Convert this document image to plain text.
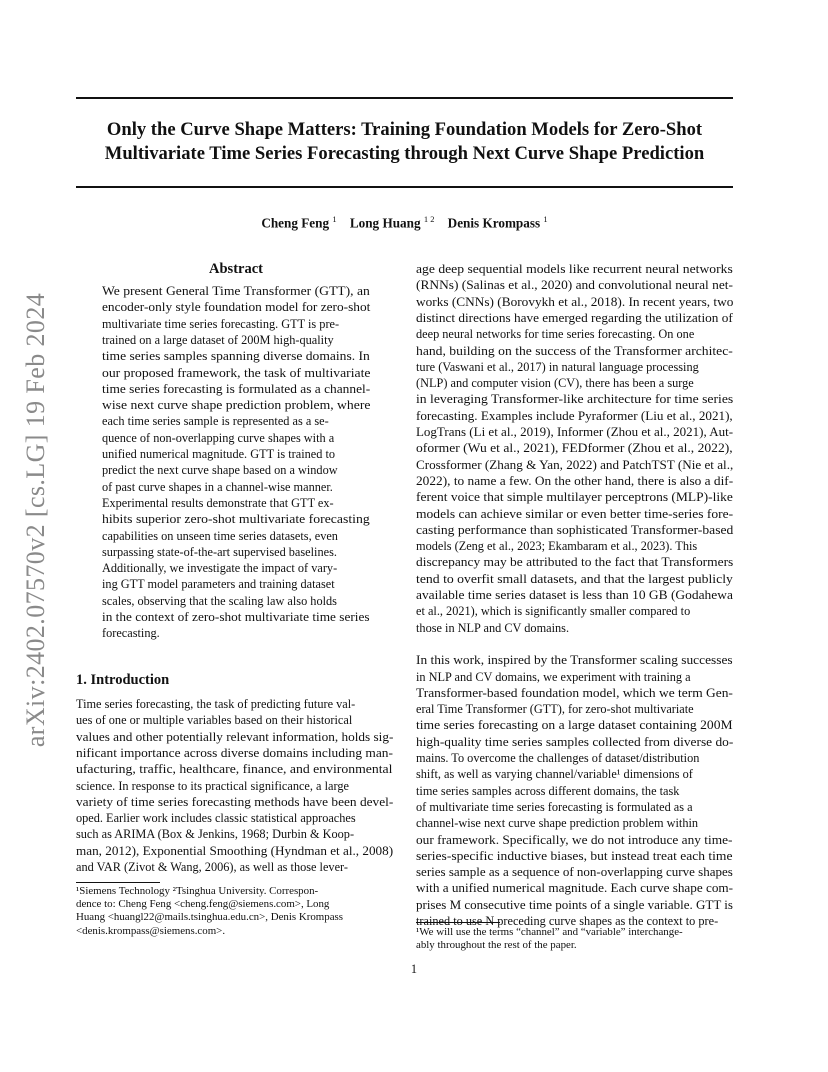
Only the Curve Shape Matters: Training Foundation Models for Zero-Shot
Multivariate Time Series Forecasting through Next Curve Shape Prediction
Cheng Feng $^1$ Long Huang $^{1 2}$ Denis Krompass $^1$
arXiv:2402.07570v2 [cs.LG] 19 Feb 2024
Abstract
We present General Time Transformer (GTT), an
encoder-only style foundation model for zero-shot
multivariate time series forecasting. GTT is pre-
trained on a large dataset of 200M high-quality
time series samples spanning diverse domains. In
our proposed framework, the task of multivariate
time series forecasting is formulated as a channel-
wise next curve shape prediction problem, where
each time series sample is represented as a se-
quence of non-overlapping curve shapes with a
unified numerical magnitude. GTT is trained to
predict the next curve shape based on a window
of past curve shapes in a channel-wise manner.
Experimental results demonstrate that GTT ex-
hibits superior zero-shot multivariate forecasting
capabilities on unseen time series datasets, even
surpassing state-of-the-art supervised baselines.
Additionally, we investigate the impact of vary-
ing GTT model parameters and training dataset
scales, observing that the scaling law also holds
in the context of zero-shot multivariate time series
forecasting.
1. Introduction
Time series forecasting, the task of predicting future val-
ues of one or multiple variables based on their historical
values and other potentially relevant information, holds sig-
nificant importance across diverse domains including man-
ufacturing, traffic, healthcare, finance, and environmental
science. In response to its practical significance, a large
variety of time series forecasting methods have been devel-
oped. Earlier work includes classic statistical approaches
such as ARIMA (Box & Jenkins, 1968; Durbin & Koop-
man, 2012), Exponential Smoothing (Hyndman et al., 2008)
and VAR (Zivot & Wang, 2006), as well as those lever-
age deep sequential models like recurrent neural networks
(RNNs) (Salinas et al., 2020) and convolutional neural net-
works (CNNs) (Borovykh et al., 2018). In recent years, two
distinct directions have emerged regarding the utilization of
deep neural networks for time series forecasting. On one
hand, building on the success of the Transformer architec-
ture (Vaswani et al., 2017) in natural language processing
(NLP) and computer vision (CV), there has been a surge
in leveraging Transformer-like architecture for time series
forecasting. Examples include Pyraformer (Liu et al., 2021),
LogTrans (Li et al., 2019), Informer (Zhou et al., 2021), Aut-
oformer (Wu et al., 2021), FEDformer (Zhou et al., 2022),
Crossformer (Zhang & Yan, 2022) and PatchTST (Nie et al.,
2022), to name a few. On the other hand, there is also a dif-
ferent voice that simple multilayer perceptrons (MLP)-like
models can achieve similar or even better time-series fore-
casting performance than sophisticated Transformer-based
models (Zeng et al., 2023; Ekambaram et al., 2023). This
discrepancy may be attributed to the fact that Transformers
tend to overfit small datasets, and that the largest publicly
available time series dataset is less than 10 GB (Godahewa
et al., 2021), which is significantly smaller compared to
those in NLP and CV domains.
In this work, inspired by the Transformer scaling successes
in NLP and CV domains, we experiment with training a
Transformer-based foundation model, which we term Gen-
eral Time Transformer (GTT), for zero-shot multivariate
time series forecasting on a large dataset containing 200M
high-quality time series samples collected from diverse do-
mains. To overcome the challenges of dataset/distribution
shift, as well as varying channel/variable¹ dimensions of
time series samples across different domains, the task
of multivariate time series forecasting is formulated as a
channel-wise next curve shape prediction problem within
our framework. Specifically, we do not introduce any time-
series-specific inductive biases, but instead treat each time
series sample as a sequence of non-overlapping curve shapes
with a unified numerical magnitude. Each curve shape com-
prises M consecutive time points of a single variable. GTT is
trained to use N preceding curve shapes as the context to pre-
¹Siemens Technology ²Tsinghua University. Correspon-
dence to: Cheng Feng <cheng.feng@siemens.com>, Long
Huang <huangl22@mails.tsinghua.edu.cn>, Denis Krompass
<denis.krompass@siemens.com>.	¹We will use the terms “channel” and “variable” interchange-
ably throughout the rest of the paper.
1
